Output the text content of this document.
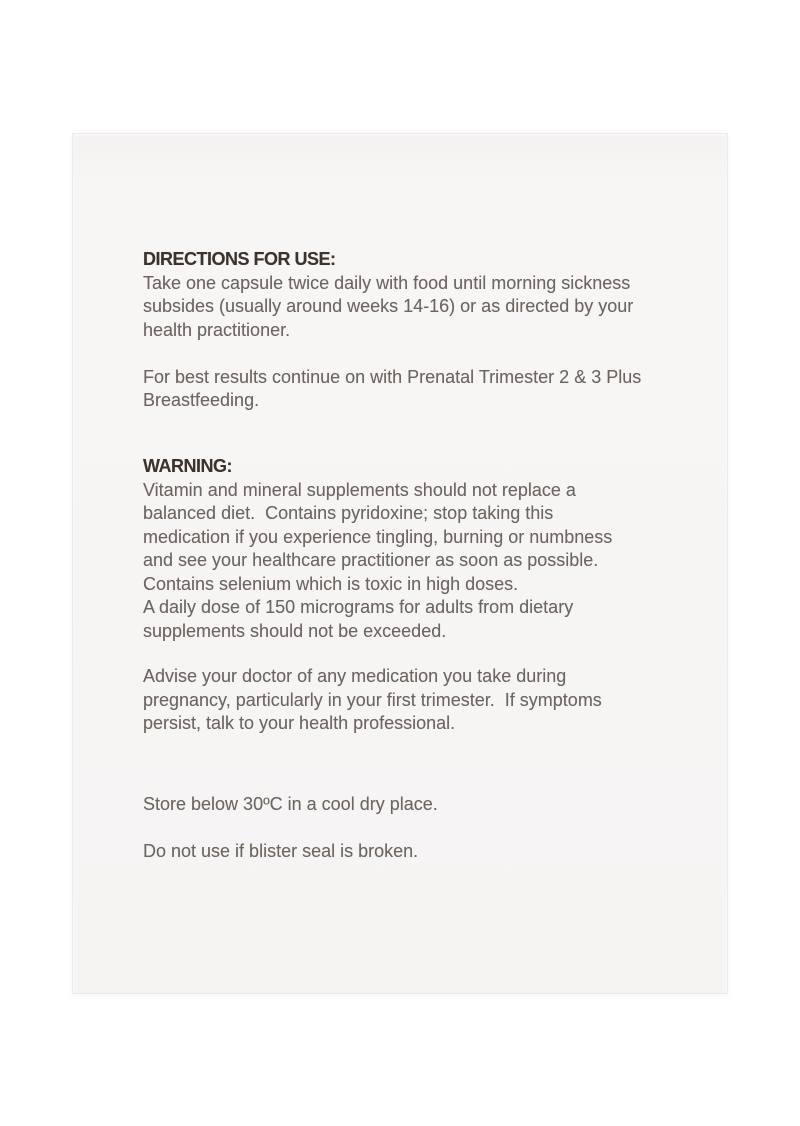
DIRECTIONS FOR USE:
Take one capsule twice daily with food until morning sickness
subsides (usually around weeks 14-16) or as directed by your
health practitioner.
For best results continue on with Prenatal Trimester 2 & 3 Plus
Breastfeeding.
WARNING:
Vitamin and mineral supplements should not replace a
balanced diet.  Contains pyridoxine; stop taking this
medication if you experience tingling, burning or numbness
and see your healthcare practitioner as soon as possible.
Contains selenium which is toxic in high doses.
A daily dose of 150 micrograms for adults from dietary
supplements should not be exceeded.
Advise your doctor of any medication you take during
pregnancy, particularly in your first trimester.  If symptoms
persist, talk to your health professional.
Store below 30ºC in a cool dry place.
Do not use if blister seal is broken.
